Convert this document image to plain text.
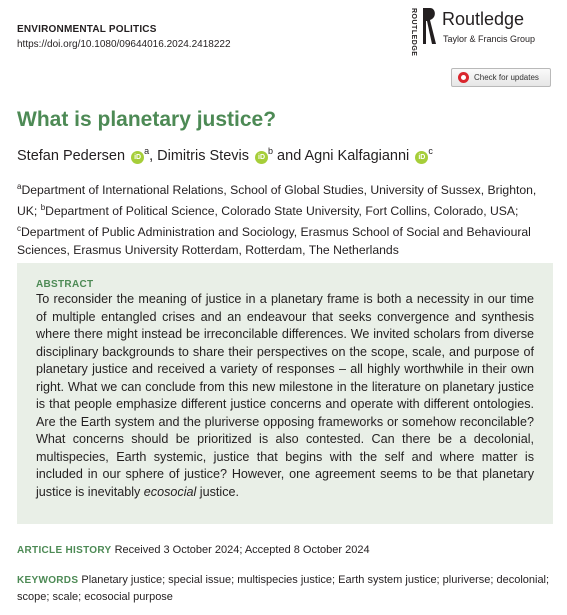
ENVIRONMENTAL POLITICS
https://doi.org/10.1080/09644016.2024.2418222	ROUTLEDGE Routledge
Taylor & Francis Group
Check for updates
What is planetary justice?
Stefan Pedersen $iD^a$, Dimitris Stevis $iD^b$ and Agni Kalfagianni $iD^c$
$^a$Department of International Relations, School of Global Studies, University of Sussex, Brighton, UK; $^b$Department of Political Science, Colorado State University, Fort Collins, Colorado, USA; $^c$Department of Public Administration and Sociology, Erasmus School of Social and Behavioural Sciences, Erasmus University Rotterdam, Rotterdam, The Netherlands
ABSTRACT
To reconsider the meaning of justice in a planetary frame is both a necessity in our time of multiple entangled crises and an endeavour that seeks convergence and synthesis where there might instead be irreconcilable differences. We invited scholars from diverse disciplinary backgrounds to share their perspectives on the scope, scale, and purpose of planetary justice and received a variety of responses – all highly worthwhile in their own right. What we can conclude from this new milestone in the literature on planetary justice is that people emphasize different justice concerns and operate with different ontologies. Are the Earth system and the pluriverse opposing frameworks or somehow reconcilable? What concerns should be prioritized is also contested. Can there be a decolonial, multispecies, Earth systemic, justice that begins with the self and where matter is included in our sphere of justice? However, one agreement seems to be that planetary justice is inevitably ecosocial justice.
ARTICLE HISTORY Received 3 October 2024; Accepted 8 October 2024
KEYWORDS Planetary justice; special issue; multispecies justice; Earth system justice; pluriverse; decolonial; scope; scale; ecosocial purpose
